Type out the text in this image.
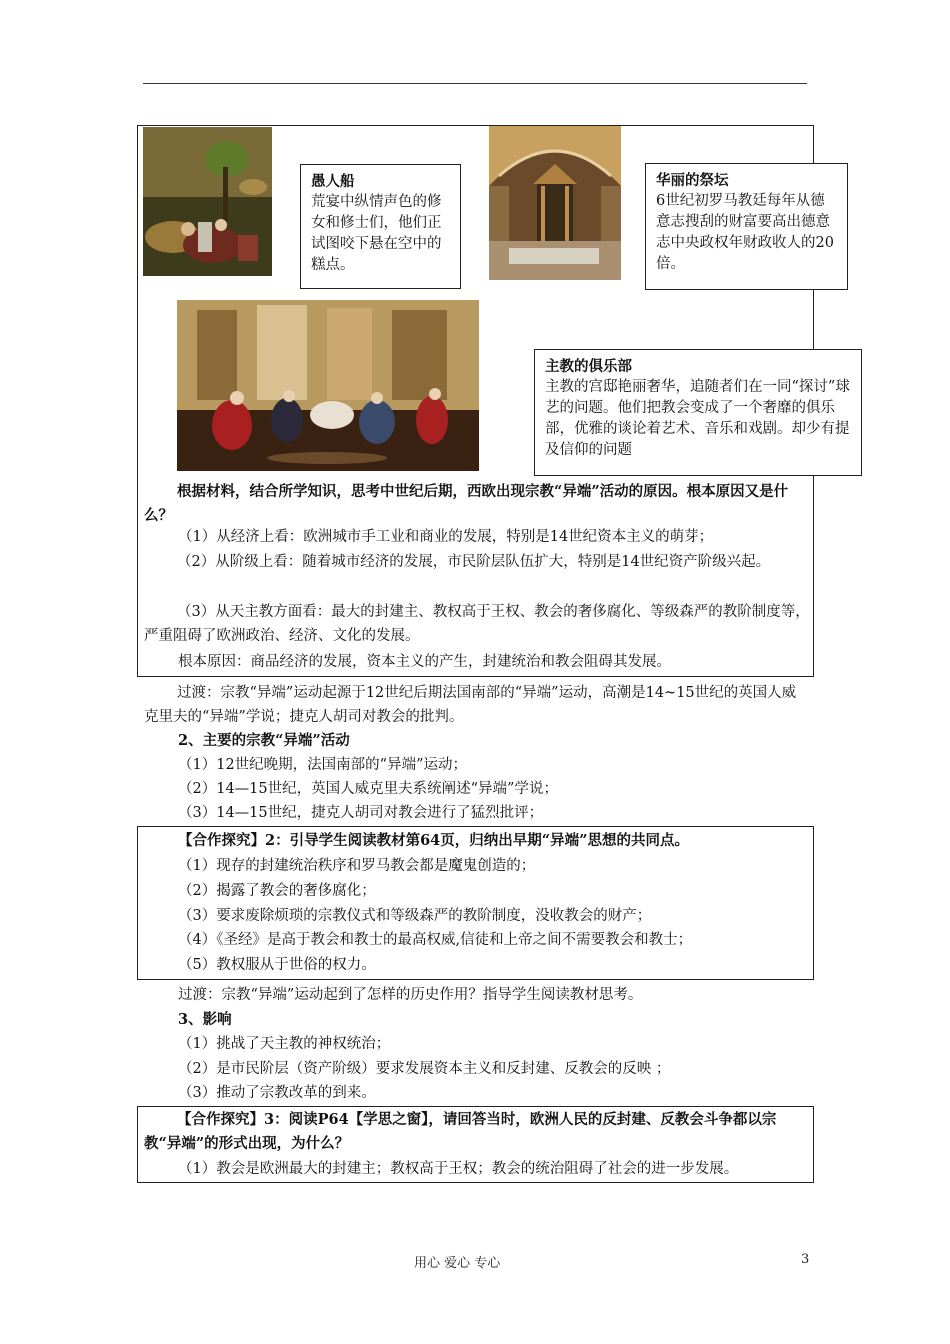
愚人船
荒宴中纵情声色的修女和修士们，他们正试图咬下悬在空中的糕点。
华丽的祭坛
6世纪初罗马教廷每年从德意志搜刮的财富要高出德意志中央政权年财政收人的20倍。
主教的俱乐部
主教的宫邸艳丽奢华，追随者们在一同“探讨”球艺的问题。他们把教会变成了一个奢靡的俱乐部，优雅的谈论着艺术、音乐和戏剧。却少有提及信仰的问题
根据材料，结合所学知识，思考中世纪后期，西欧出现宗教“异端”活动的原因。根本原因又是什么？
（1）从经济上看：欧洲城市手工业和商业的发展，特别是14世纪资本主义的萌芽；
（2）从阶级上看：随着城市经济的发展，市民阶层队伍扩大，特别是14世纪资产阶级兴起。
（3）从天主教方面看：最大的封建主、教权高于王权、教会的奢侈腐化、等级森严的教阶制度等，严重阻碍了欧洲政治、经济、文化的发展。
根本原因：商品经济的发展，资本主义的产生，封建统治和教会阻碍其发展。
过渡：宗教“异端”运动起源于12世纪后期法国南部的“异端”运动，高潮是14~15世纪的英国人威克里夫的“异端”学说；捷克人胡司对教会的批判。
2、主要的宗教“异端”活动
（1）12世纪晚期，法国南部的“异端”运动；
（2）14—15世纪，英国人威克里夫系统阐述“异端”学说；
（3）14—15世纪，捷克人胡司对教会进行了猛烈批评；
【合作探究】2：引导学生阅读教材第64页，归纳出早期“异端”思想的共同点。
（1）现存的封建统治秩序和罗马教会都是魔鬼创造的；
（2）揭露了教会的奢侈腐化；
（3）要求废除烦琐的宗教仪式和等级森严的教阶制度，没收教会的财产；
（4）《圣经》是高于教会和教士的最高权威,信徒和上帝之间不需要教会和教士；
（5）教权服从于世俗的权力。
过渡：宗教“异端”运动起到了怎样的历史作用？指导学生阅读教材思考。
3、影响
（1）挑战了天主教的神权统治；
（2）是市民阶层（资产阶级）要求发展资本主义和反封建、反教会的反映 ；
（3）推动了宗教改革的到来。
【合作探究】3：阅读P64【学思之窗】，请回答当时，欧洲人民的反封建、反教会斗争都以宗教“异端”的形式出现，为什么？
（1）教会是欧洲最大的封建主；教权高于王权；教会的统治阻碍了社会的进一步发展。
用心 爱心 专心	3
